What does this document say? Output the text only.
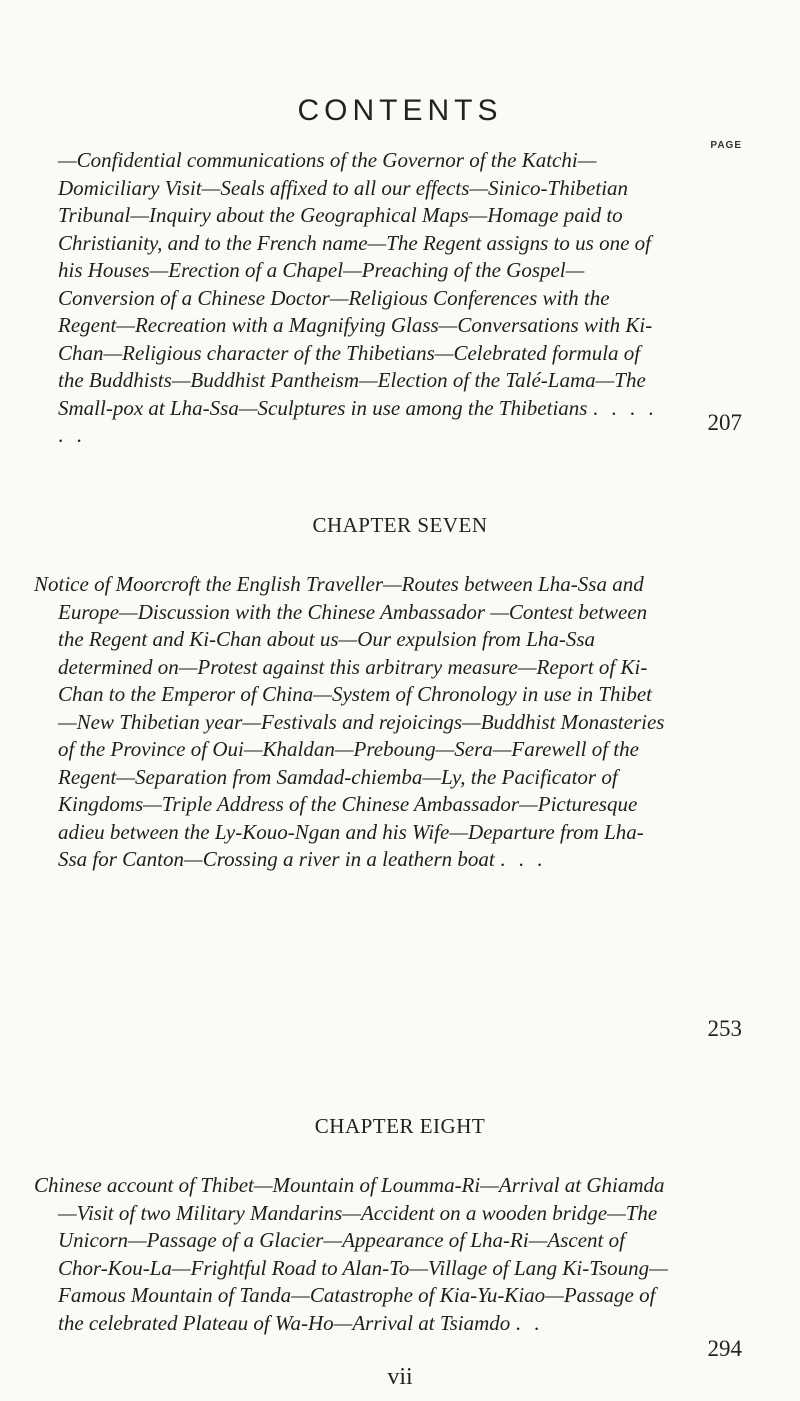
CONTENTS
PAGE

—Confidential communications of the Governor of the Katchi—Domiciliary Visit—Seals affixed to all our effects—Sinico-Thibetian Tribunal—Inquiry about the Geographical Maps—Homage paid to Christianity, and to the French name—The Regent assigns to us one of his Houses—Erection of a Chapel—Preaching of the Gospel—Conversion of a Chinese Doctor—Religious Conferences with the Regent—Recreation with a Magnifying Glass—Conversations with Ki-Chan—Religious character of the Thibetians—Celebrated formula of the Buddhists—Buddhist Pantheism—Election of the Talé-Lama—The Small-pox at Lha-Ssa—Sculptures in use among the Thibetians . . . . . .	207
CHAPTER SEVEN

Notice of Moorcroft the English Traveller—Routes between Lha-Ssa and Europe—Discussion with the Chinese Ambassador —Contest between the Regent and Ki-Chan about us—Our expulsion from Lha-Ssa determined on—Protest against this arbitrary measure—Report of Ki-Chan to the Emperor of China—System of Chronology in use in Thibet—New Thibetian year—Festivals and rejoicings—Buddhist Monasteries of the Province of Oui—Khaldan—Preboung—Sera—Farewell of the Regent—Separation from Samdad-chiemba—Ly, the Pacificator of Kingdoms—Triple Address of the Chinese Ambassador—Picturesque adieu between the Ly-Kouo-Ngan and his Wife—Departure from Lha-Ssa for Canton—Crossing a river in a leathern boat . . .

253
CHAPTER EIGHT

Chinese account of Thibet—Mountain of Loumma-Ri—Arrival at Ghiamda—Visit of two Military Mandarins—Accident on a wooden bridge—The Unicorn—Passage of a Glacier—Appearance of Lha-Ri—Ascent of Chor-Kou-La—Frightful Road to Alan-To—Village of Lang Ki-Tsoung—Famous Mountain of Tanda—Catastrophe of Kia-Yu-Kiao—Passage of the celebrated Plateau of Wa-Ho—Arrival at Tsiamdo . .

294
vii
